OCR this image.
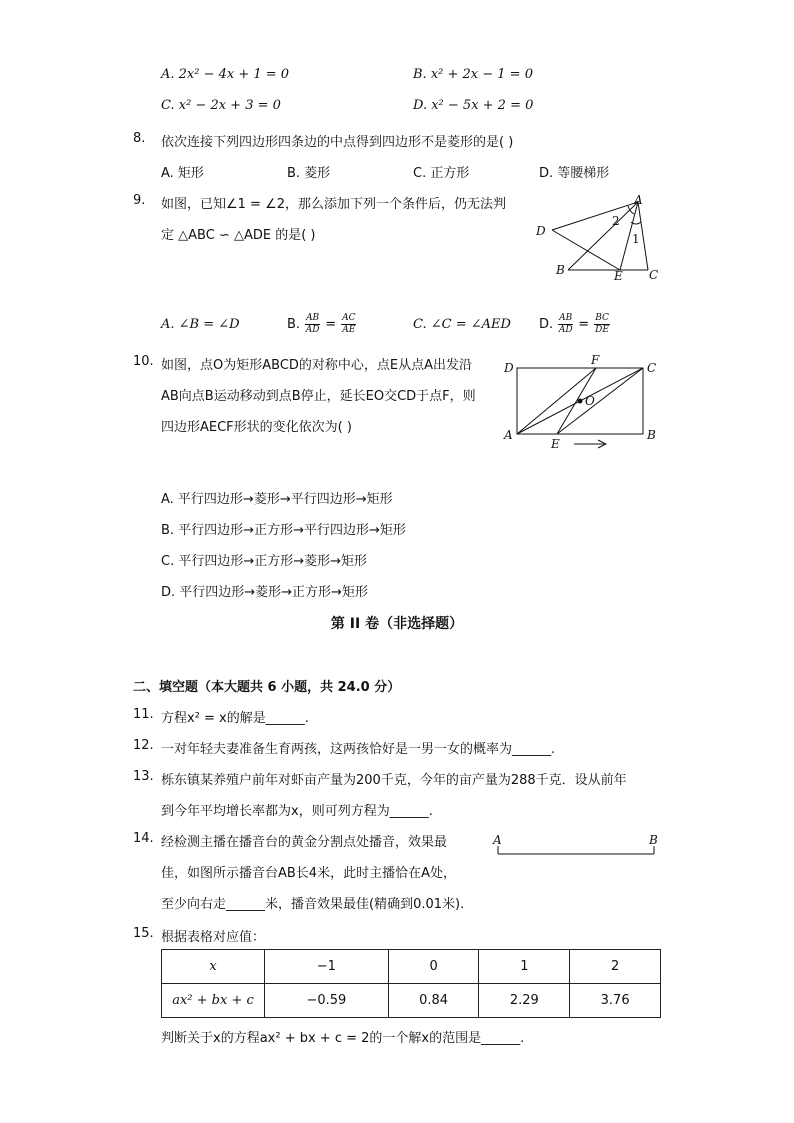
A. 2x² − 4x + 1 = 0	B. x² + 2x − 1 = 0
C. x² − 2x + 3 = 0	D. x² − 5x + 2 = 0
8. 依次连接下列四边形四条边的中点得到四边形不是菱形的是( )
A. 矩形	B. 菱形	C. 正方形	D. 等腰梯形
9. 如图，已知∠1 = ∠2，那么添加下列一个条件后，仍无法判
定 △ABC ∽ △ADE 的是( )
A
D
B	E C
2
1
A. ∠B = ∠D	B. $\frac{AB}{AD} = \frac{AC}{AE}$	C. ∠C = ∠AED D. $\frac{AB}{AD} = \frac{BC}{DE}$
10. 如图，点O为矩形ABCD的对称中心，点E从点A出发沿
AB向点B运动移动到点B停止，延长EO交CD于点F，则
四边形AECF形状的变化依次为( )
D
F
C
O
A
E
B
A. 平行四边形→菱形→平行四边形→矩形
B. 平行四边形→正方形→平行四边形→矩形
C. 平行四边形→正方形→菱形→矩形
D. 平行四边形→菱形→正方形→矩形
第 II 卷（非选择题）
二、填空题（本大题共 6 小题，共 24.0 分）
11. 方程x² = x的解是______.
12. 一对年轻夫妻准备生育两孩，这两孩恰好是一男一女的概率为______.
13. 栎东镇某养殖户前年对虾亩产量为200千克，今年的亩产量为288千克．设从前年
到今年平均增长率都为x，则可列方程为______.
14. 经检测主播在播音台的黄金分割点处播音，效果最
佳，如图所示播音台AB长4米，此时主播恰在A处，
至少向右走______米，播音效果最佳(精确到0.01米).
A	B
15. 根据表格对应值：
x	−1	0	1	2
ax² + bx + c	−0.59	0.84	2.29	3.76
判断关于x的方程ax² + bx + c = 2的一个解x的范围是______.
